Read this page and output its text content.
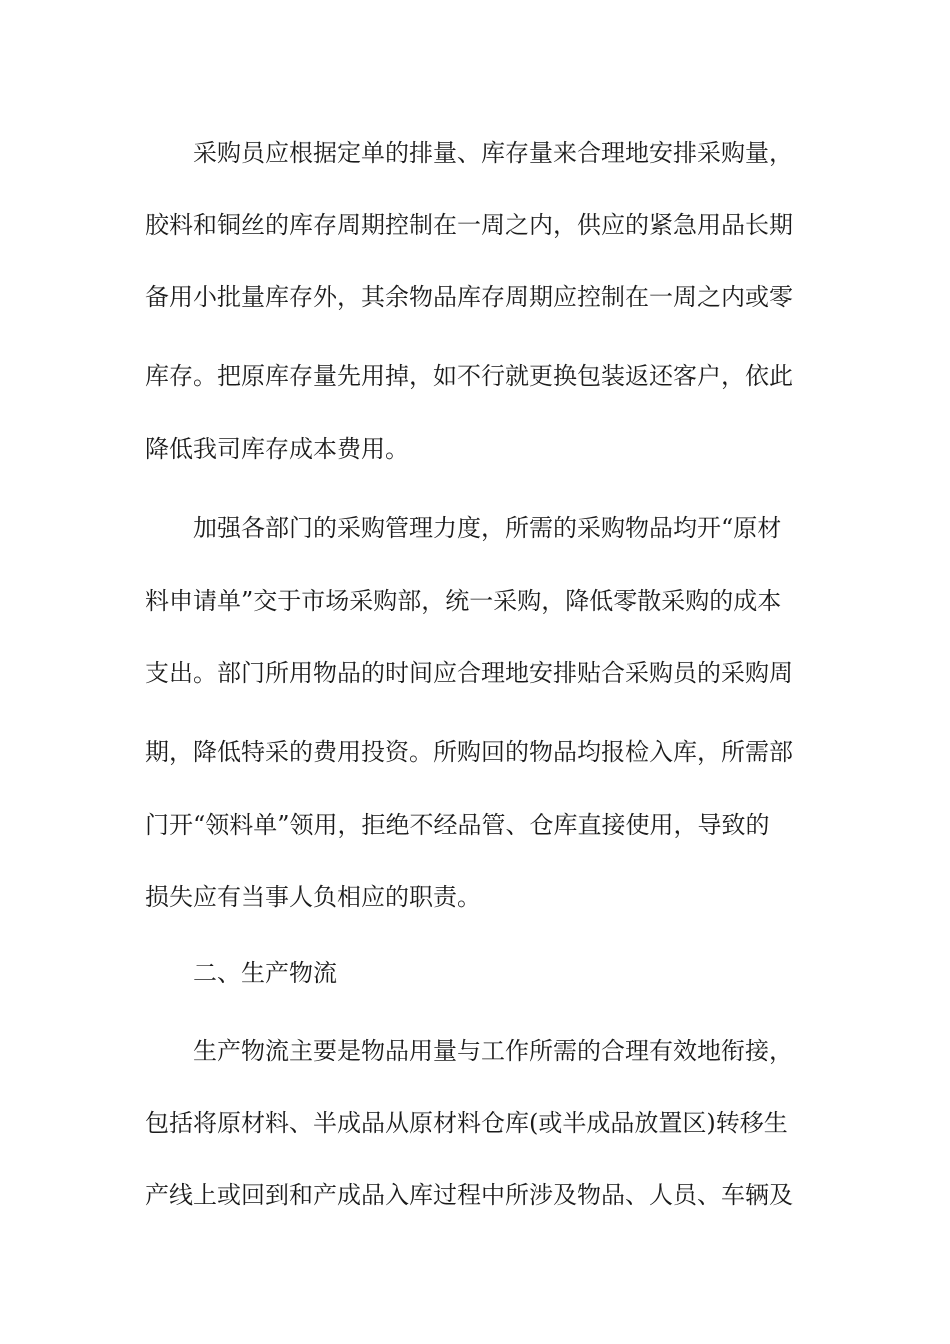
采购员应根据定单的排量、库存量来合理地安排采购量，
胶料和铜丝的库存周期控制在一周之内，供应的紧急用品长期
备用小批量库存外，其余物品库存周期应控制在一周之内或零
库存。把原库存量先用掉，如不行就更换包装返还客户，依此
降低我司库存成本费用。
加强各部门的采购管理力度，所需的采购物品均开“原材
料申请单”交于市场采购部，统一采购，降低零散采购的成本
支出。部门所用物品的时间应合理地安排贴合采购员的采购周
期，降低特采的费用投资。所购回的物品均报检入库，所需部
门开“领料单”领用，拒绝不经品管、仓库直接使用，导致的
损失应有当事人负相应的职责。
二、生产物流
生产物流主要是物品用量与工作所需的合理有效地衔接，
包括将原材料、半成品从原材料仓库(或半成品放置区)转移生
产线上或回到和产成品入库过程中所涉及物品、人员、车辆及
